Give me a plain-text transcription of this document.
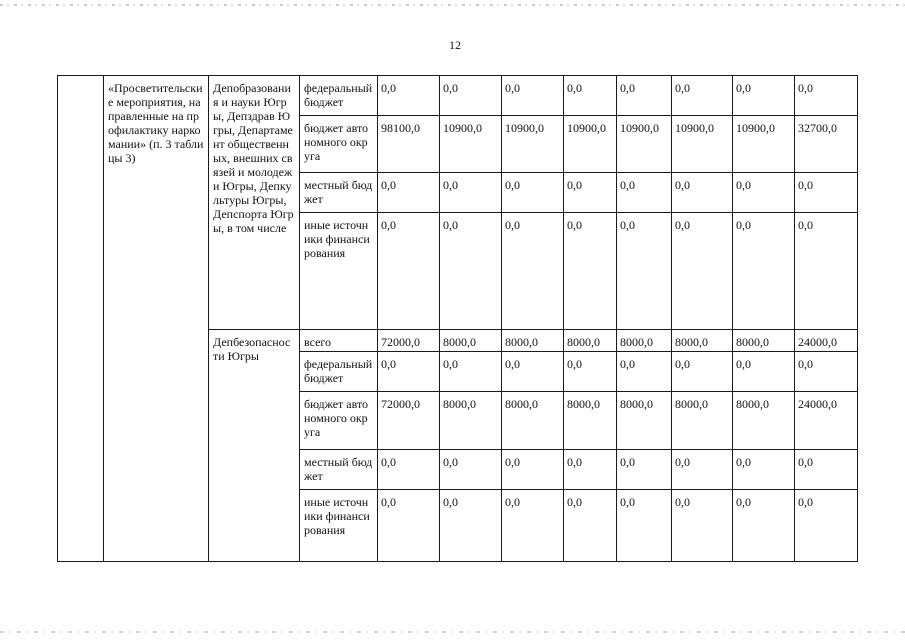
12
	«Просветительские мероприятия, направленные на профилактику наркомании» (п. 3 таблицы 3)	Депобразования и науки Югры, Депздрав Югры, Департамент общественных, внешних связей и молодежи Югры, Депкультуры Югры, Депспорта Югры, в том числе	федеральный бюджет	0,0	0,0	0,0	0,0	0,0	0,0	0,0	0,0
			бюджет автономного округа	98100,0	10900,0	10900,0	10900,0	10900,0	10900,0	10900,0	32700,0
			местный бюджет	0,0	0,0	0,0	0,0	0,0	0,0	0,0	0,0
			иные источники финансирования	0,0	0,0	0,0	0,0	0,0	0,0	0,0	0,0
		Депбезопасности Югры	всего	72000,0	8000,0	8000,0	8000,0	8000,0	8000,0	8000,0	24000,0
			федеральный бюджет	0,0	0,0	0,0	0,0	0,0	0,0	0,0	0,0
			бюджет автономного округа	72000,0	8000,0	8000,0	8000,0	8000,0	8000,0	8000,0	24000,0
			местный бюджет	0,0	0,0	0,0	0,0	0,0	0,0	0,0	0,0
			иные источники финансирования	0,0	0,0	0,0	0,0	0,0	0,0	0,0	0,0
